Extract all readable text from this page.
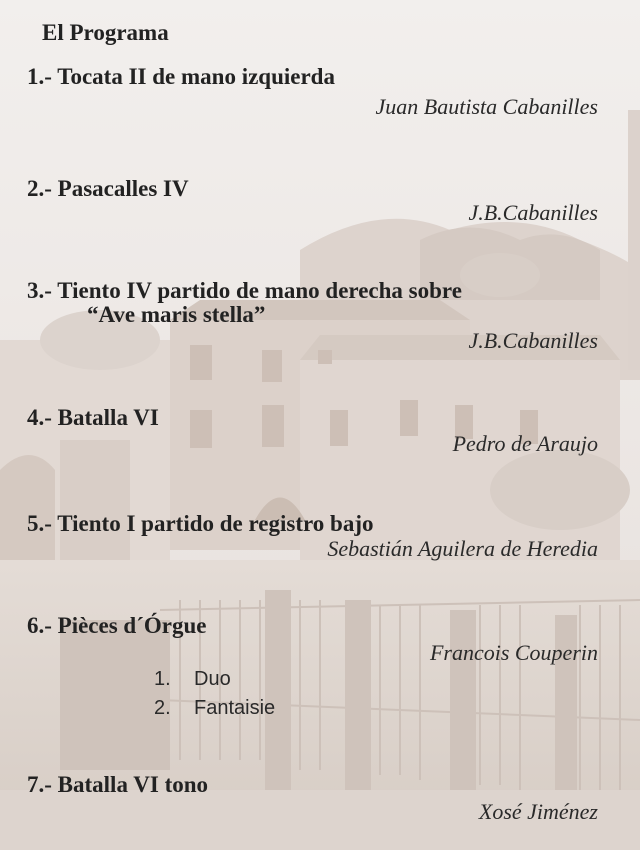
El Programa
1.- Tocata II de mano izquierda
Juan Bautista Cabanilles
2.- Pasacalles IV
J.B.Cabanilles
3.- Tiento IV partido de mano derecha sobre
“Ave maris stella”
J.B.Cabanilles
4.- Batalla VI
Pedro de Araujo
5.- Tiento I partido de registro bajo
Sebastián Aguilera de Heredia
6.- Pièces d´Órgue
Francois Couperin
1. Duo
2. Fantaisie
7.- Batalla VI tono
Xosé Jiménez
